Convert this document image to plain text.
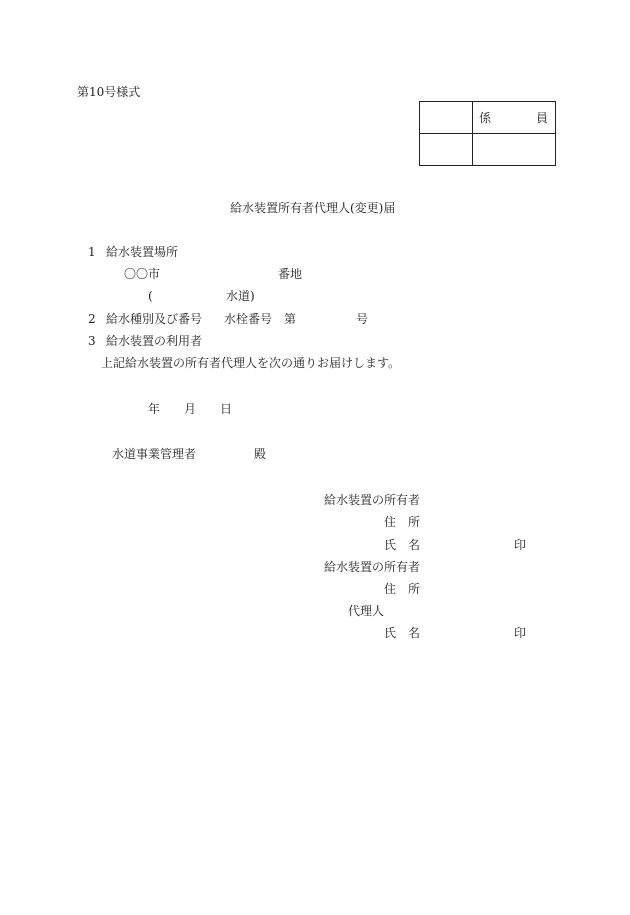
第10号様式

	係 員

給水装置所有者代理人(変更)届
1 給水装置場所
〇〇市	番地
(	水道)
2 給水種別及び番号 水栓番号 第	号
3 給水装置の利用者
上記給水装置の所有者代理人を次の通りお届けします。
年 月 日
水道事業管理者	殿
給水装置の所有者
住　所
氏　名	印
給水装置の所有者
住　所
代理人
氏　名	印
